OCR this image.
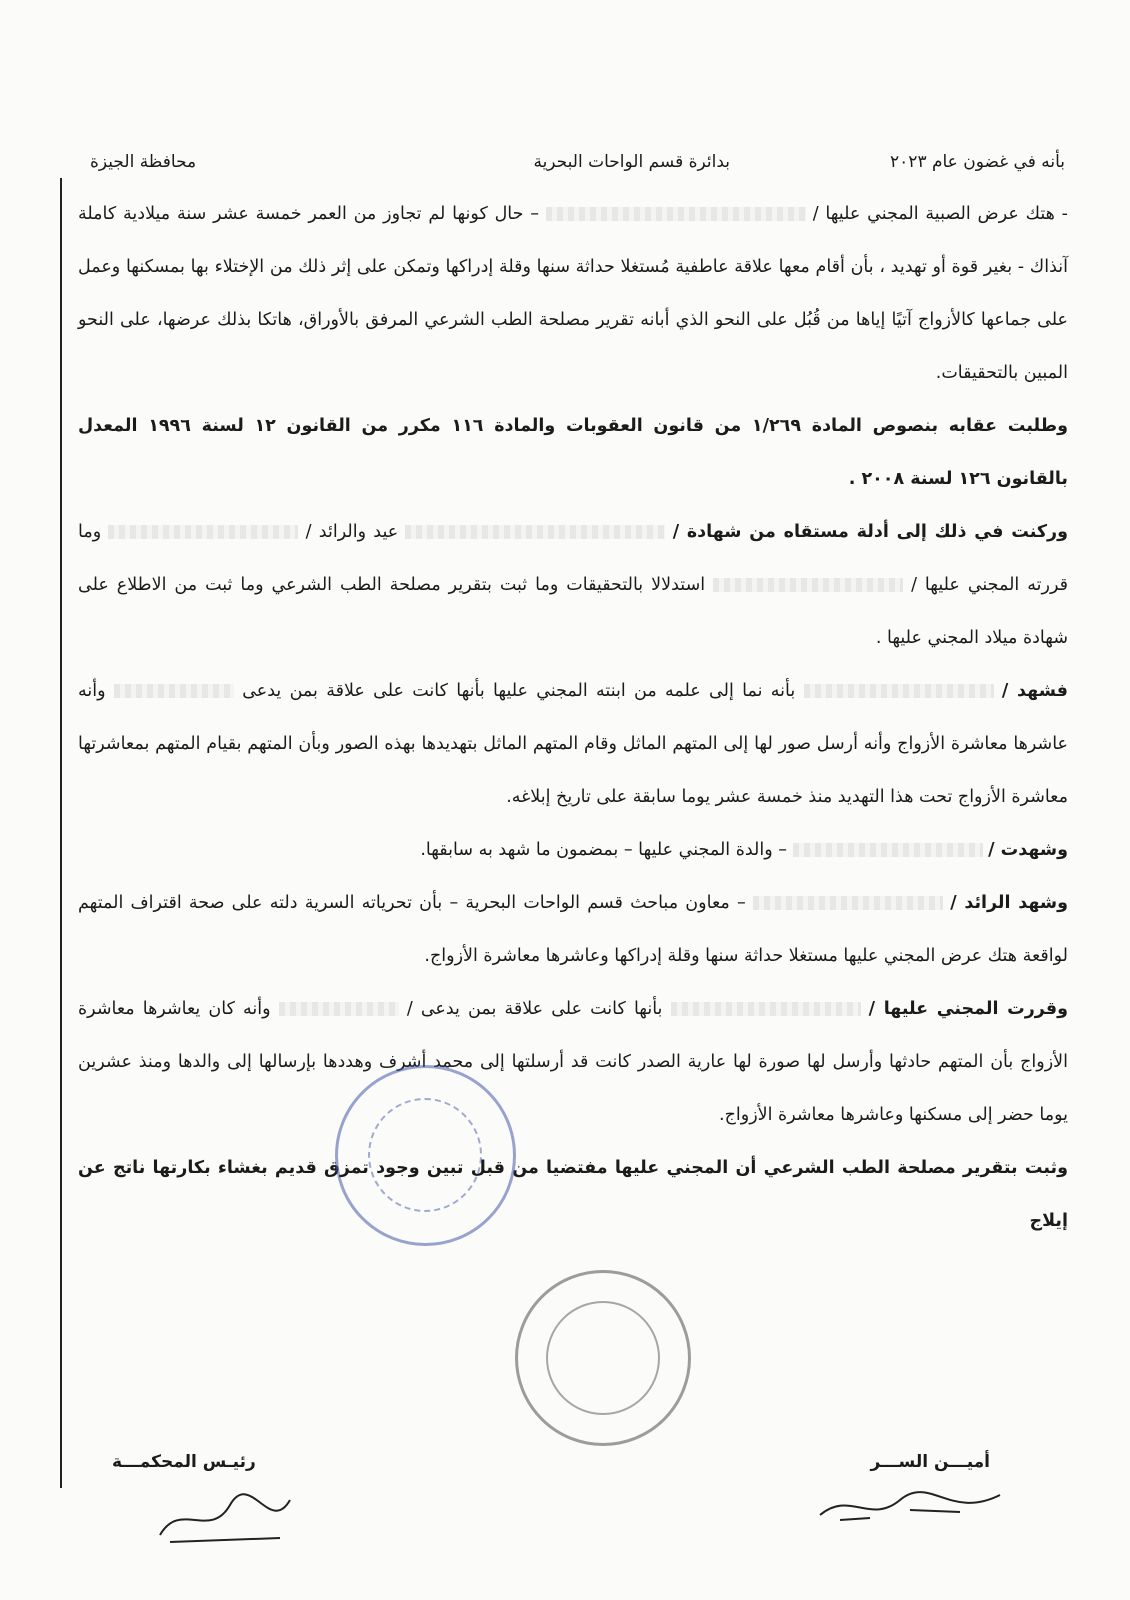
بأنه في غضون عام ٢٠٢٣
بدائرة قسم الواحات البحرية
محافظة الجيزة

- هتك عرض الصبية المجني عليها /  – حال كونها لم تجاوز من العمر خمسة عشر سنة ميلادية كاملة آنذاك - بغير قوة أو تهديد ، بأن أقام معها علاقة عاطفية مُستغلا حداثة سنها وقلة إدراكها وتمكن على إثر ذلك من الإختلاء بها بمسكنها وعمل على جماعها كالأزواج آتيًا إياها من قُبُل على النحو الذي أبانه تقرير مصلحة الطب الشرعي المرفق بالأوراق، هاتكا بذلك عرضها، على النحو المبين بالتحقيقات.

وطلبت عقابه بنصوص المادة ١/٢٦٩ من قانون العقوبات والمادة ١١٦ مكرر من القانون ١٢ لسنة ١٩٩٦ المعدل بالقانون ١٢٦ لسنة ٢٠٠٨ .

وركنت في ذلك إلى أدلة مستقاه من شهادة /  عيد والرائد /  وما قررته المجني عليها /  استدلالا بالتحقيقات وما ثبت بتقرير مصلحة الطب الشرعي وما ثبت من الاطلاع على شهادة ميلاد المجني عليها .

فشهد /  بأنه نما إلى علمه من ابنته المجني عليها بأنها كانت على علاقة بمن يدعى  وأنه عاشرها معاشرة الأزواج وأنه أرسل صور لها إلى المتهم الماثل وقام المتهم الماثل بتهديدها بهذه الصور وبأن المتهم بقيام المتهم بمعاشرتها معاشرة الأزواج تحت هذا التهديد منذ خمسة عشر يوما سابقة على تاريخ إبلاغه.

وشهدت /  – والدة المجني عليها – بمضمون ما شهد به سابقها.

وشهد الرائد /  – معاون مباحث قسم الواحات البحرية – بأن تحرياته السرية دلته على صحة اقتراف المتهم لواقعة هتك عرض المجني عليها مستغلا حداثة سنها وقلة إدراكها وعاشرها معاشرة الأزواج.

وقررت المجني عليها /  بأنها كانت على علاقة بمن يدعى /  وأنه كان يعاشرها معاشرة الأزواج بأن المتهم حادثها وأرسل لها صورة لها عارية الصدر كانت قد أرسلتها إلى محمد أشرف وهددها بإرسالها إلى والدها ومنذ عشرين يوما حضر إلى مسكنها وعاشرها معاشرة الأزواج.

وثبت بتقرير مصلحة الطب الشرعي أن المجني عليها مفتضيا من قبل تبين وجود تمزق قديم بغشاء بكارتها ناتج عن إيلاج

أميـــن الســـر
رئيـس المحكمـــة
